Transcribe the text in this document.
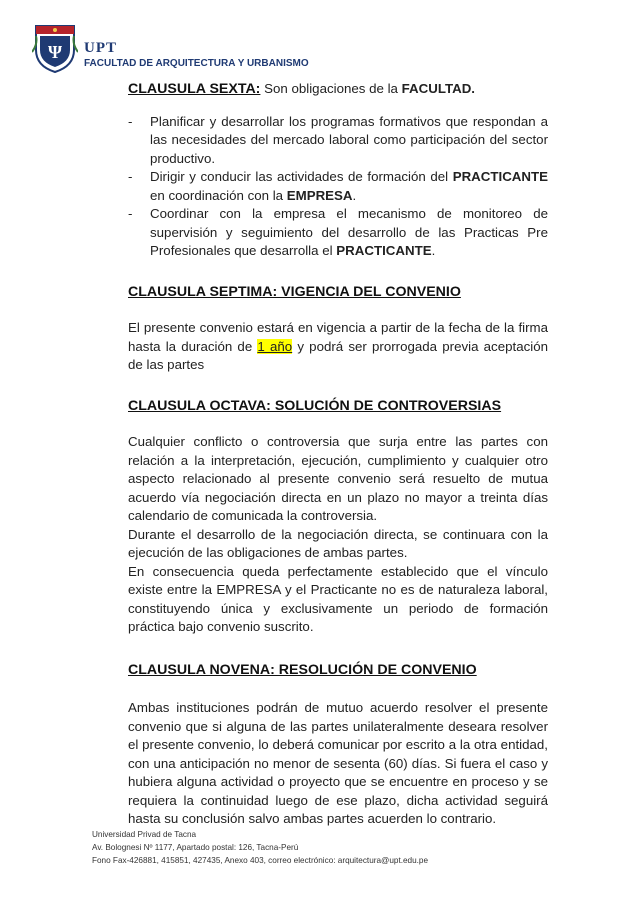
Ψ UPT
FACULTAD DE ARQUITECTURA Y URBANISMO
CLAUSULA SEXTA: Son obligaciones de la FACULTAD.
- Planificar y desarrollar los programas formativos que respondan a las necesidades del mercado laboral como participación del sector productivo.
- Dirigir y conducir las actividades de formación del PRACTICANTE en coordinación con la EMPRESA.
- Coordinar con la empresa el mecanismo de monitoreo de supervisión y seguimiento del desarrollo de las Practicas Pre Profesionales que desarrolla el PRACTICANTE.
CLAUSULA SEPTIMA: VIGENCIA DEL CONVENIO

El presente convenio estará en vigencia a partir de la fecha de la firma hasta la duración de 1 año y podrá ser prorrogada previa aceptación de las partes

CLAUSULA OCTAVA: SOLUCIÓN DE CONTROVERSIAS

Cualquier conflicto o controversia que surja entre las partes con relación a la interpretación, ejecución, cumplimiento y cualquier otro aspecto relacionado al presente convenio será resuelto de mutua acuerdo vía negociación directa en un plazo no mayor a treinta días calendario de comunicada la controversia.

Durante el desarrollo de la negociación directa, se continuara con la ejecución de las obligaciones de ambas partes.

En consecuencia queda perfectamente establecido que el vínculo existe entre la EMPRESA y el Practicante no es de naturaleza laboral, constituyendo única y exclusivamente un periodo de formación práctica bajo convenio suscrito.

CLAUSULA NOVENA: RESOLUCIÓN DE CONVENIO

Ambas instituciones podrán de mutuo acuerdo resolver el presente convenio que si alguna de las partes unilateralmente deseara resolver el presente convenio, lo deberá comunicar por escrito a la otra entidad, con una anticipación no menor de sesenta (60) días. Si fuera el caso y hubiera alguna actividad o proyecto que se encuentre en proceso y se requiera la continuidad luego de ese plazo, dicha actividad seguirá hasta su conclusión salvo ambas partes acuerden lo contrario.

Universidad Privad de Tacna
Av. Bolognesi Nº 1177, Apartado postal: 126, Tacna-Perú
Fono Fax-426881, 415851, 427435, Anexo 403, correo electrónico: arquitectura@upt.edu.pe
